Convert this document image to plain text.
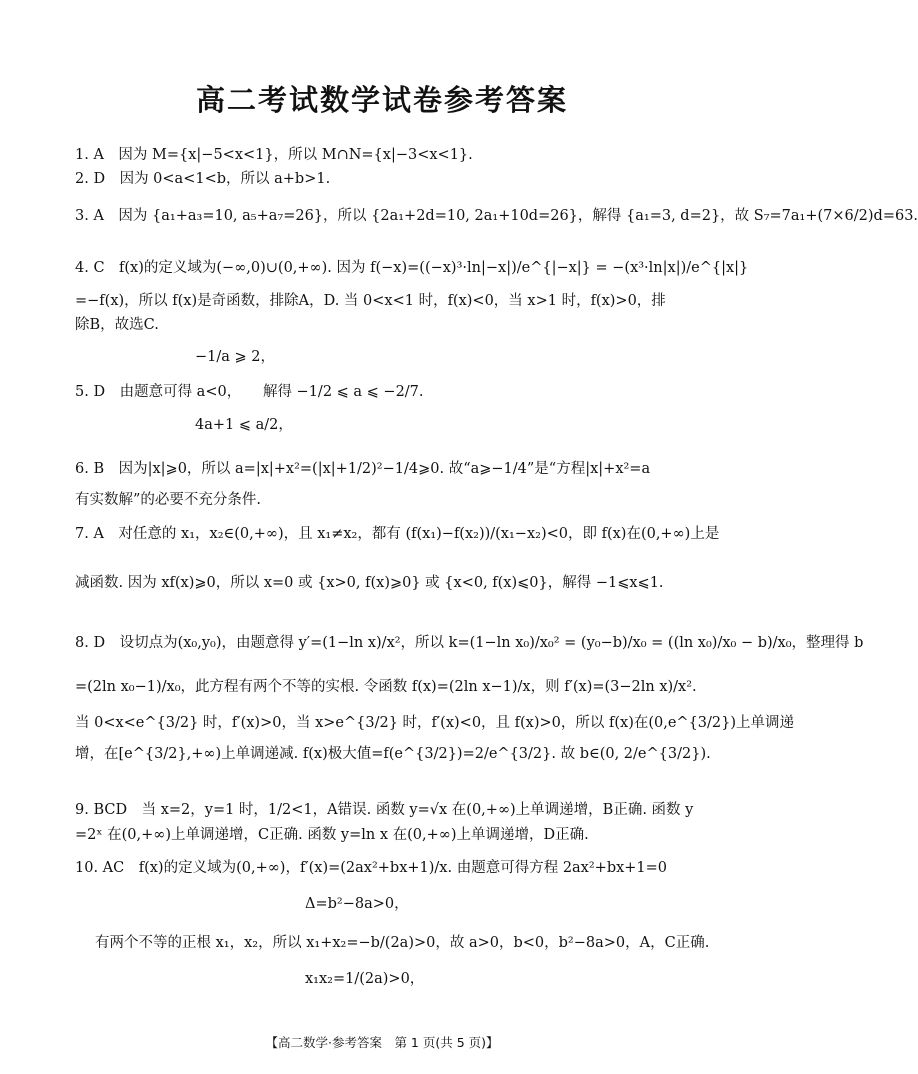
高二考试数学试卷参考答案
1. A　因为 M={x|−5<x<1}，所以 M∩N={x|−3<x<1}.
2. D　因为 0<a<1<b，所以 a+b>1.
3. A　因为 {a₁+a₃=10, a₅+a₇=26}，所以 {2a₁+2d=10, 2a₁+10d=26}，解得 {a₁=3, d=2}，故 S₇=7a₁+(7×6/2)d=63.
4. C　f(x)的定义域为(−∞,0)∪(0,+∞). 因为 f(−x)=((−x)³·ln|−x|)/e^{|−x|} = −(x³·ln|x|)/e^{|x|}
=−f(x)，所以 f(x)是奇函数，排除A，D. 当 0<x<1 时，f(x)<0，当 x>1 时，f(x)>0，排
除B，故选C.
−1/a ⩾ 2，
5. D　由题意可得 a<0，　　解得 −1/2 ⩽ a ⩽ −2/7.
4a+1 ⩽ a/2，
6. B　因为|x|⩾0，所以 a=|x|+x²=(|x|+1/2)²−1/4⩾0. 故“a⩾−1/4”是“方程|x|+x²=a
有实数解”的必要不充分条件.
7. A　对任意的 x₁，x₂∈(0,+∞)，且 x₁≠x₂，都有 (f(x₁)−f(x₂))/(x₁−x₂)<0，即 f(x)在(0,+∞)上是
减函数. 因为 xf(x)⩾0，所以 x=0 或 {x>0, f(x)⩾0} 或 {x<0, f(x)⩽0}，解得 −1⩽x⩽1.
8. D　设切点为(x₀,y₀)，由题意得 y′=(1−ln x)/x²，所以 k=(1−ln x₀)/x₀² = (y₀−b)/x₀ = ((ln x₀)/x₀ − b)/x₀，整理得 b
=(2ln x₀−1)/x₀，此方程有两个不等的实根. 令函数 f(x)=(2ln x−1)/x，则 f′(x)=(3−2ln x)/x².
当 0<x<e^{3/2} 时，f′(x)>0，当 x>e^{3/2} 时，f′(x)<0，且 f(x)>0，所以 f(x)在(0,e^{3/2})上单调递
增，在[e^{3/2},+∞)上单调递减. f(x)极大值=f(e^{3/2})=2/e^{3/2}. 故 b∈(0, 2/e^{3/2}).
9. BCD　当 x=2，y=1 时，1/2<1，A错误. 函数 y=√x 在(0,+∞)上单调递增，B正确. 函数 y
=2ˣ 在(0,+∞)上单调递增，C正确. 函数 y=ln x 在(0,+∞)上单调递增，D正确.
10. AC　f(x)的定义域为(0,+∞)，f′(x)=(2ax²+bx+1)/x. 由题意可得方程 2ax²+bx+1=0
Δ=b²−8a>0，
有两个不等的正根 x₁，x₂，所以 x₁+x₂=−b/(2a)>0，故 a>0，b<0，b²−8a>0，A，C正确.
x₁x₂=1/(2a)>0，
【高二数学·参考答案　第 1 页(共 5 页)】
